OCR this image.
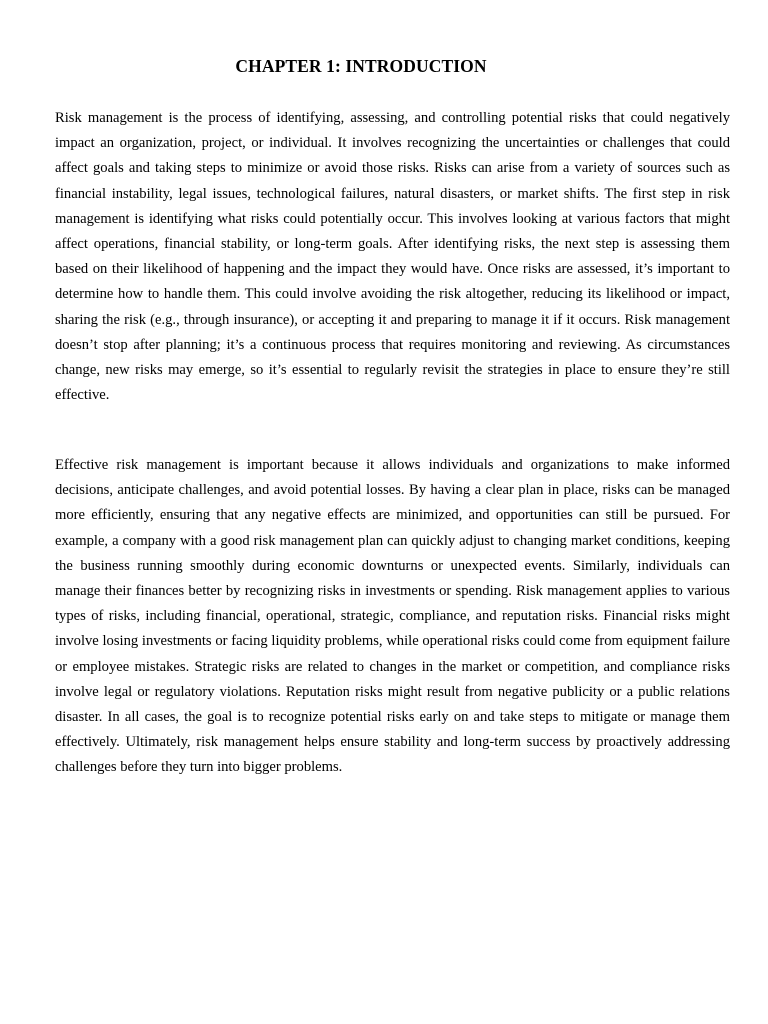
CHAPTER 1: INTRODUCTION

Risk management is the process of identifying, assessing, and controlling potential risks that could negatively impact an organization, project, or individual. It involves recognizing the uncertainties or challenges that could affect goals and taking steps to minimize or avoid those risks. Risks can arise from a variety of sources such as financial instability, legal issues, technological failures, natural disasters, or market shifts. The first step in risk management is identifying what risks could potentially occur. This involves looking at various factors that might affect operations, financial stability, or long-term goals. After identifying risks, the next step is assessing them based on their likelihood of happening and the impact they would have. Once risks are assessed, it’s important to determine how to handle them. This could involve avoiding the risk altogether, reducing its likelihood or impact, sharing the risk (e.g., through insurance), or accepting it and preparing to manage it if it occurs. Risk management doesn’t stop after planning; it’s a continuous process that requires monitoring and reviewing. As circumstances change, new risks may emerge, so it’s essential to regularly revisit the strategies in place to ensure they’re still effective.

Effective risk management is important because it allows individuals and organizations to make informed decisions, anticipate challenges, and avoid potential losses. By having a clear plan in place, risks can be managed more efficiently, ensuring that any negative effects are minimized, and opportunities can still be pursued. For example, a company with a good risk management plan can quickly adjust to changing market conditions, keeping the business running smoothly during economic downturns or unexpected events. Similarly, individuals can manage their finances better by recognizing risks in investments or spending. Risk management applies to various types of risks, including financial, operational, strategic, compliance, and reputation risks. Financial risks might involve losing investments or facing liquidity problems, while operational risks could come from equipment failure or employee mistakes. Strategic risks are related to changes in the market or competition, and compliance risks involve legal or regulatory violations. Reputation risks might result from negative publicity or a public relations disaster. In all cases, the goal is to recognize potential risks early on and take steps to mitigate or manage them effectively. Ultimately, risk management helps ensure stability and long-term success by proactively addressing challenges before they turn into bigger problems.
